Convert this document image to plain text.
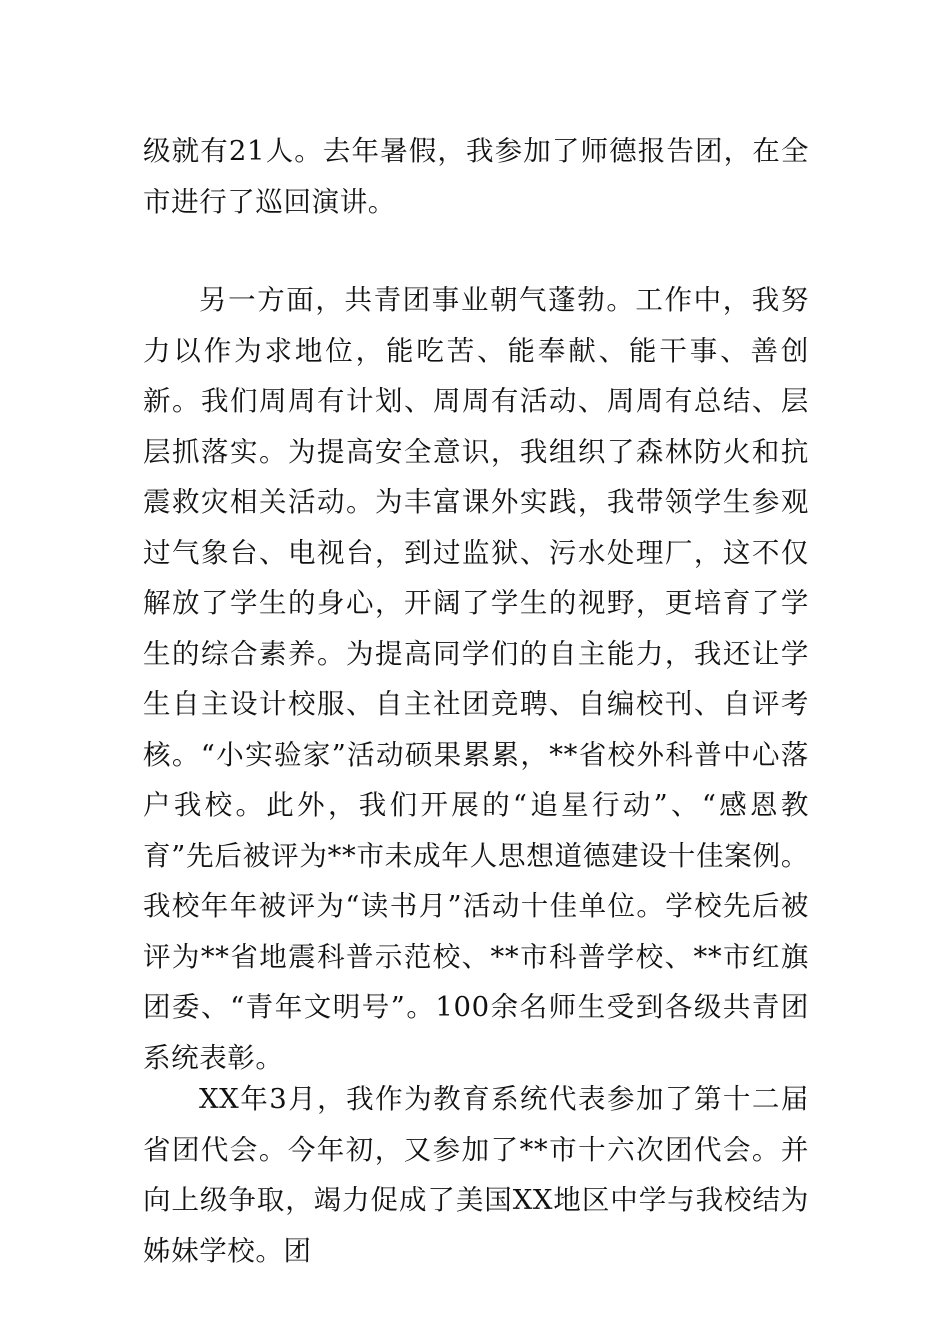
级就有21人。去年暑假，我参加了师德报告团，在全市进行了巡回演讲。

另一方面，共青团事业朝气蓬勃。工作中，我努力以作为求地位，能吃苦、能奉献、能干事、善创新。我们周周有计划、周周有活动、周周有总结、层层抓落实。为提高安全意识，我组织了森林防火和抗震救灾相关活动。为丰富课外实践，我带领学生参观过气象台、电视台，到过监狱、污水处理厂，这不仅解放了学生的身心，开阔了学生的视野，更培育了学生的综合素养。为提高同学们的自主能力，我还让学生自主设计校服、自主社团竞聘、自编校刊、自评考核。“小实验家”活动硕果累累，**省校外科普中心落户我校。此外，我们开展的“追星行动”、“感恩教育”先后被评为**市未成年人思想道德建设十佳案例。我校年年被评为“读书月”活动十佳单位。学校先后被评为**省地震科普示范校、**市科普学校、**市红旗团委、“青年文明号”。100余名师生受到各级共青团系统表彰。

XX年3月，我作为教育系统代表参加了第十二届省团代会。今年初，又参加了**市十六次团代会。并向上级争取，竭力促成了美国XX地区中学与我校结为姊妹学校。团
